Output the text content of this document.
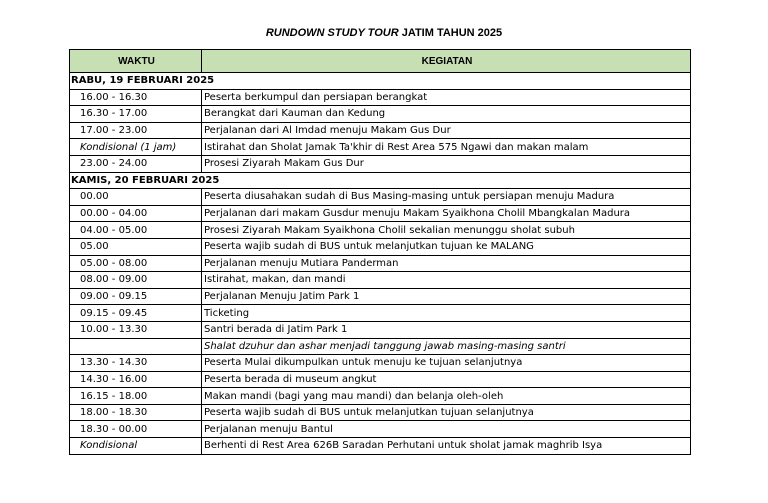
RUNDOWN STUDY TOUR JATIM TAHUN 2025
WAKTU	KEGIATAN
RABU, 19 FEBRUARI 2025	
16.00 - 16.30	Peserta berkumpul dan persiapan berangkat
16.30 - 17.00	Berangkat dari Kauman dan Kedung
17.00 - 23.00	Perjalanan dari Al Imdad menuju Makam Gus Dur
Kondisional (1 jam)	Istirahat dan Sholat Jamak Ta'khir di Rest Area 575 Ngawi dan makan malam
23.00 - 24.00	Prosesi Ziyarah Makam Gus Dur
KAMIS, 20 FEBRUARI 2025	
00.00	Peserta diusahakan sudah di Bus Masing-masing untuk persiapan menuju Madura
00.00 - 04.00	Perjalanan dari makam Gusdur menuju Makam Syaikhona Cholil Mbangkalan Madura
04.00 - 05.00	Prosesi Ziyarah Makam Syaikhona Cholil sekalian menunggu sholat subuh
05.00	Peserta wajib sudah di BUS untuk melanjutkan tujuan ke MALANG
05.00 - 08.00	Perjalanan menuju Mutiara Panderman
08.00 - 09.00	Istirahat, makan, dan mandi
09.00 - 09.15	Perjalanan Menuju Jatim Park 1
09.15 - 09.45	Ticketing
10.00 - 13.30	Santri berada di Jatim Park 1
	Shalat dzuhur dan ashar menjadi tanggung jawab masing-masing santri
13.30 - 14.30	Peserta Mulai dikumpulkan untuk menuju ke tujuan selanjutnya
14.30 - 16.00	Peserta berada di museum angkut
16.15 - 18.00	Makan mandi (bagi yang mau mandi) dan belanja oleh-oleh
18.00 - 18.30	Peserta wajib sudah di BUS untuk melanjutkan tujuan selanjutnya
18.30 - 00.00	Perjalanan menuju Bantul
Kondisional	Berhenti di Rest Area 626B Saradan Perhutani untuk sholat jamak maghrib Isya
